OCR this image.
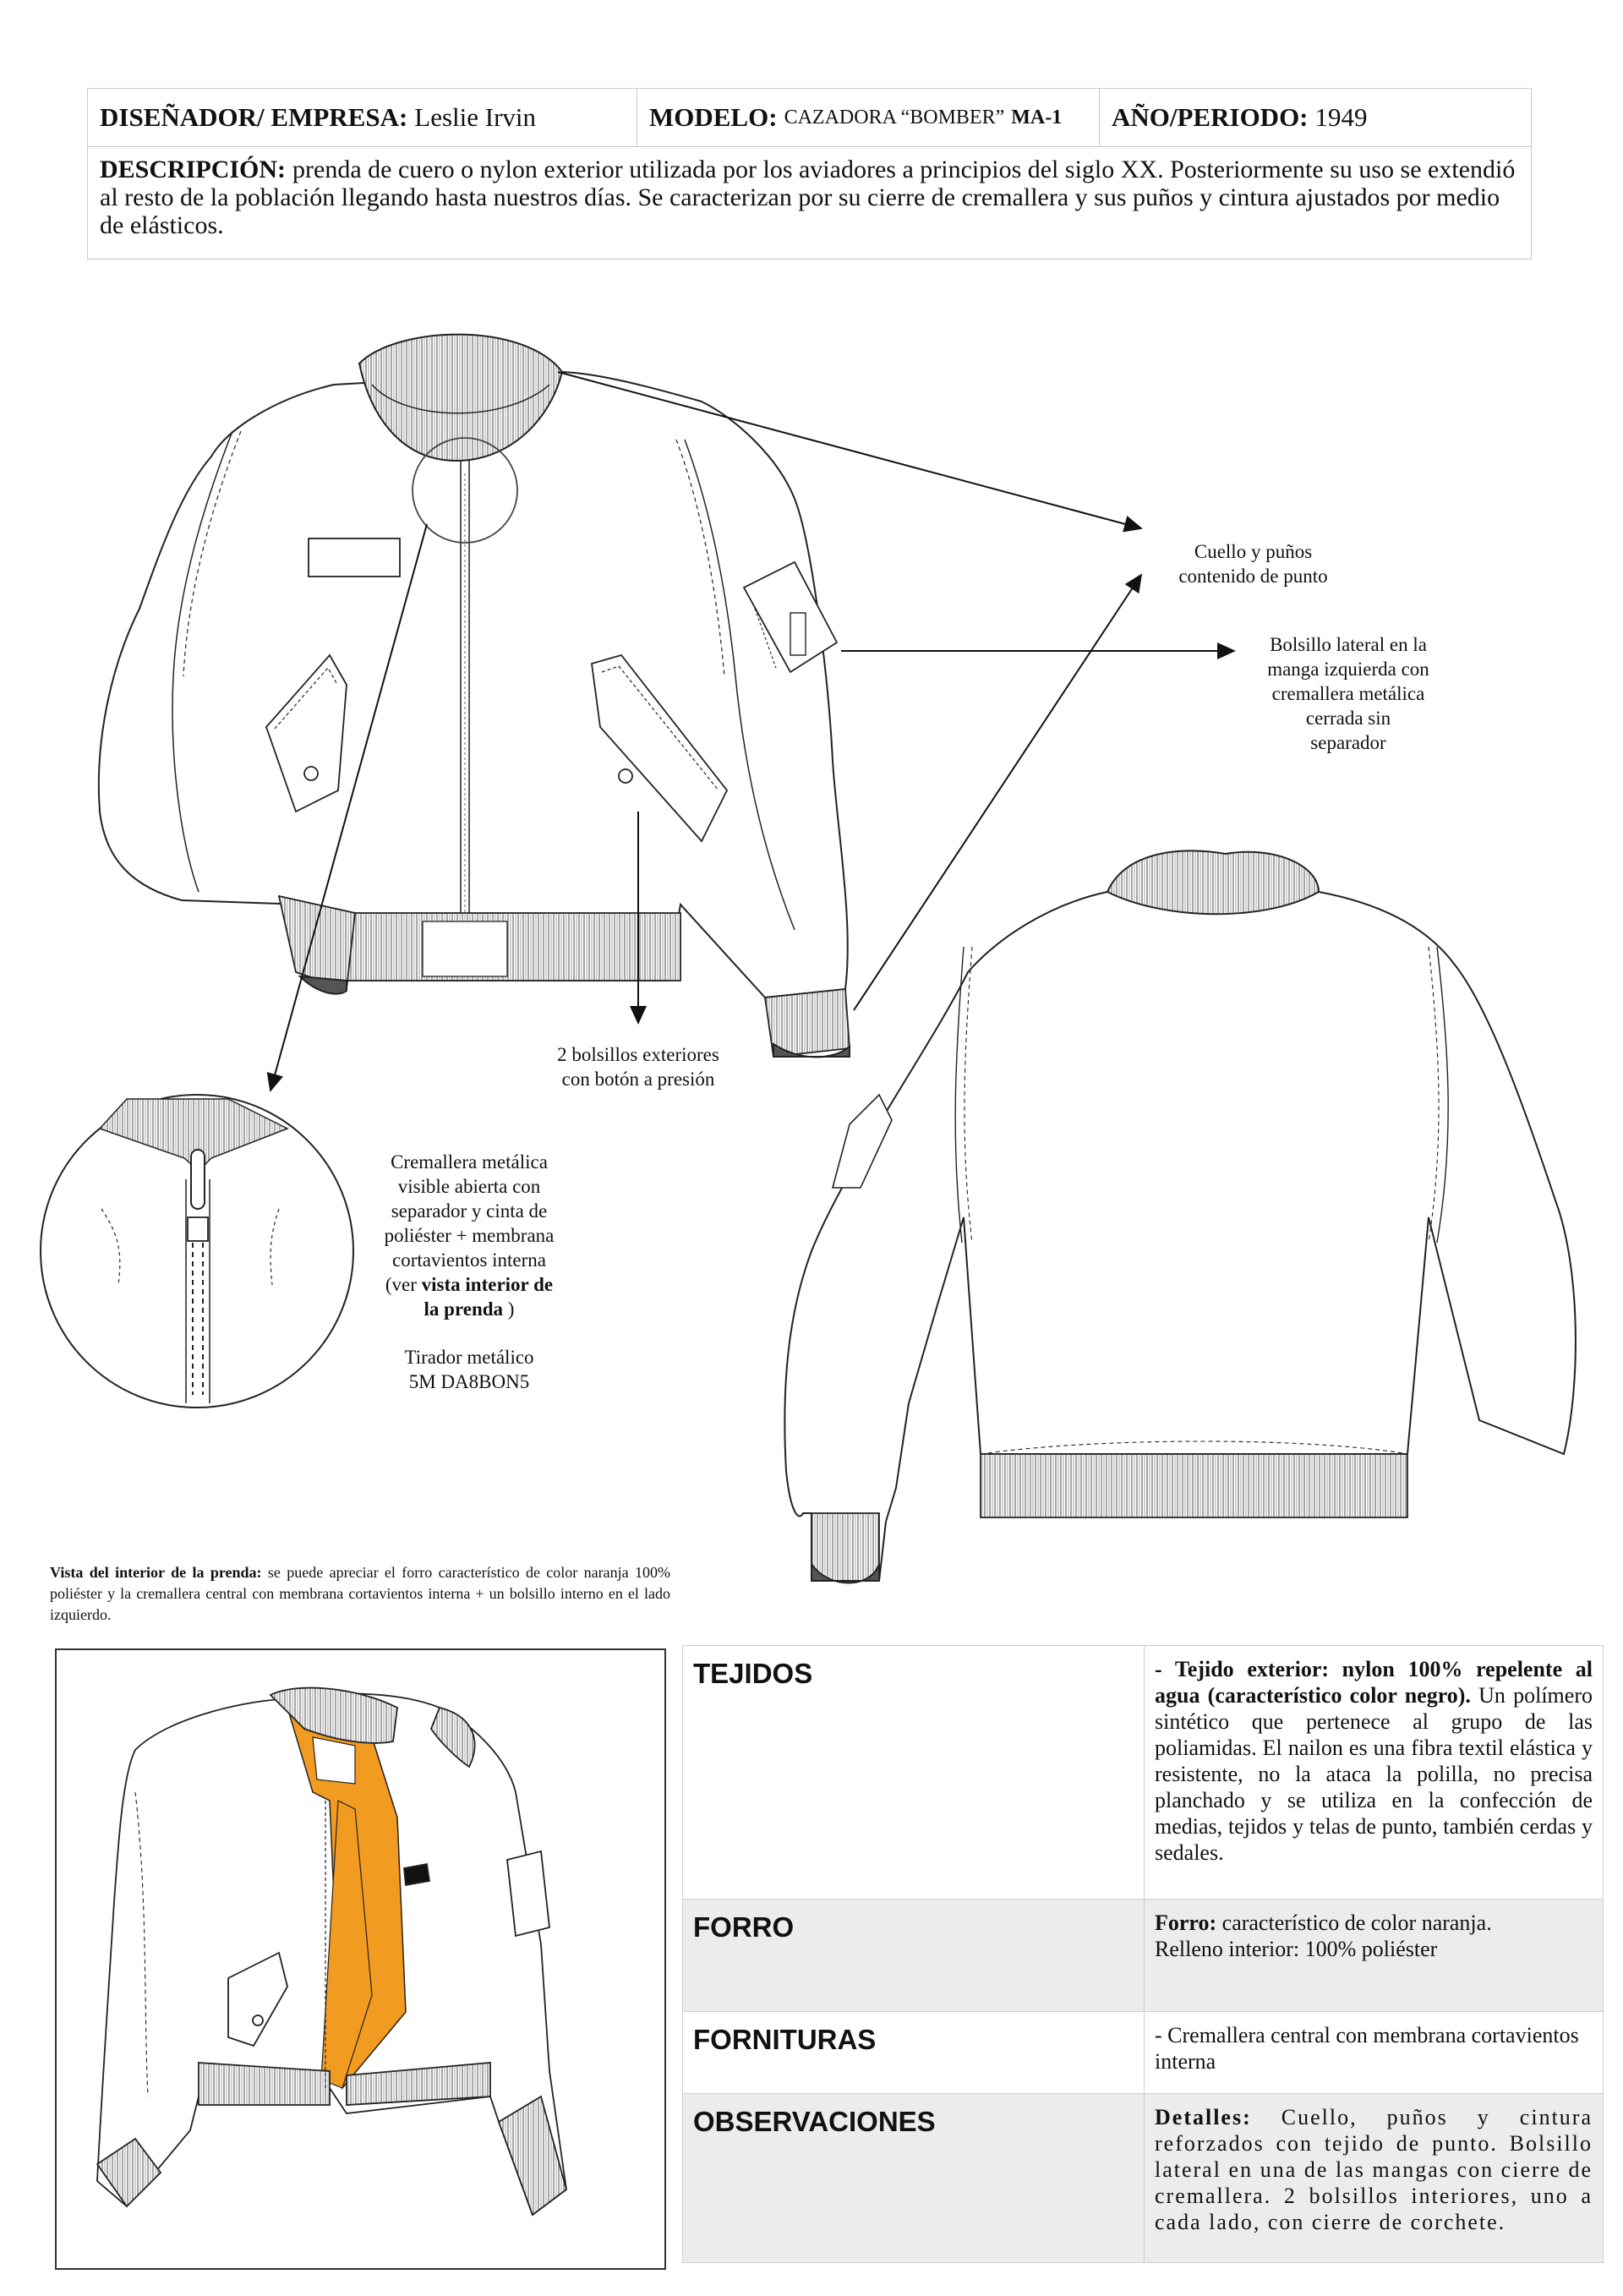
DISEÑADOR/ EMPRESA: Leslie Irvin	MODELO: CAZADORA “BOMBER” MA-1 AÑO/PERIODO: 1949
DESCRIPCIÓN: prenda de cuero o nylon exterior utilizada por los aviadores a principios del siglo XX. Posteriormente su uso se extendió al resto de la población llegando hasta nuestros días. Se caracterizan por su cierre de cremallera y sus puños y cintura ajustados por medio de elásticos.
Cuello y puños
contenido de punto
Bolsillo lateral en la
manga izquierda con
cremallera metálica
cerrada sin
separador
2 bolsillos exteriores
con botón a presión
Cremallera metálica
visible abierta con
separador y cinta de
poliéster + membrana
cortavientos interna
(ver vista interior de
la prenda )
Tirador metálico
5M DA8BON5
Vista del interior de la prenda: se puede apreciar el forro característico de color naranja 100% poliéster y la cremallera central con membrana cortavientos interna + un bolsillo interno en el lado izquierdo.
TEJIDOS	- Tejido exterior: nylon 100% repelente al agua (característico color negro). Un polímero sintético que pertenece al grupo de las poliamidas. El nailon es una fibra textil elástica y resistente, no la ataca la polilla, no precisa planchado y se utiliza en la confección de medias, tejidos y telas de punto, también cerdas y sedales.
FORRO	Forro: característico de color naranja.
Relleno interior: 100% poliéster
FORNITURAS	- Cremallera central con membrana cortavientos interna
OBSERVACIONES	Detalles: Cuello, puños y cintura reforzados con tejido de punto. Bolsillo lateral en una de las mangas con cierre de cremallera. 2 bolsillos interiores, uno a cada lado, con cierre de corchete.
